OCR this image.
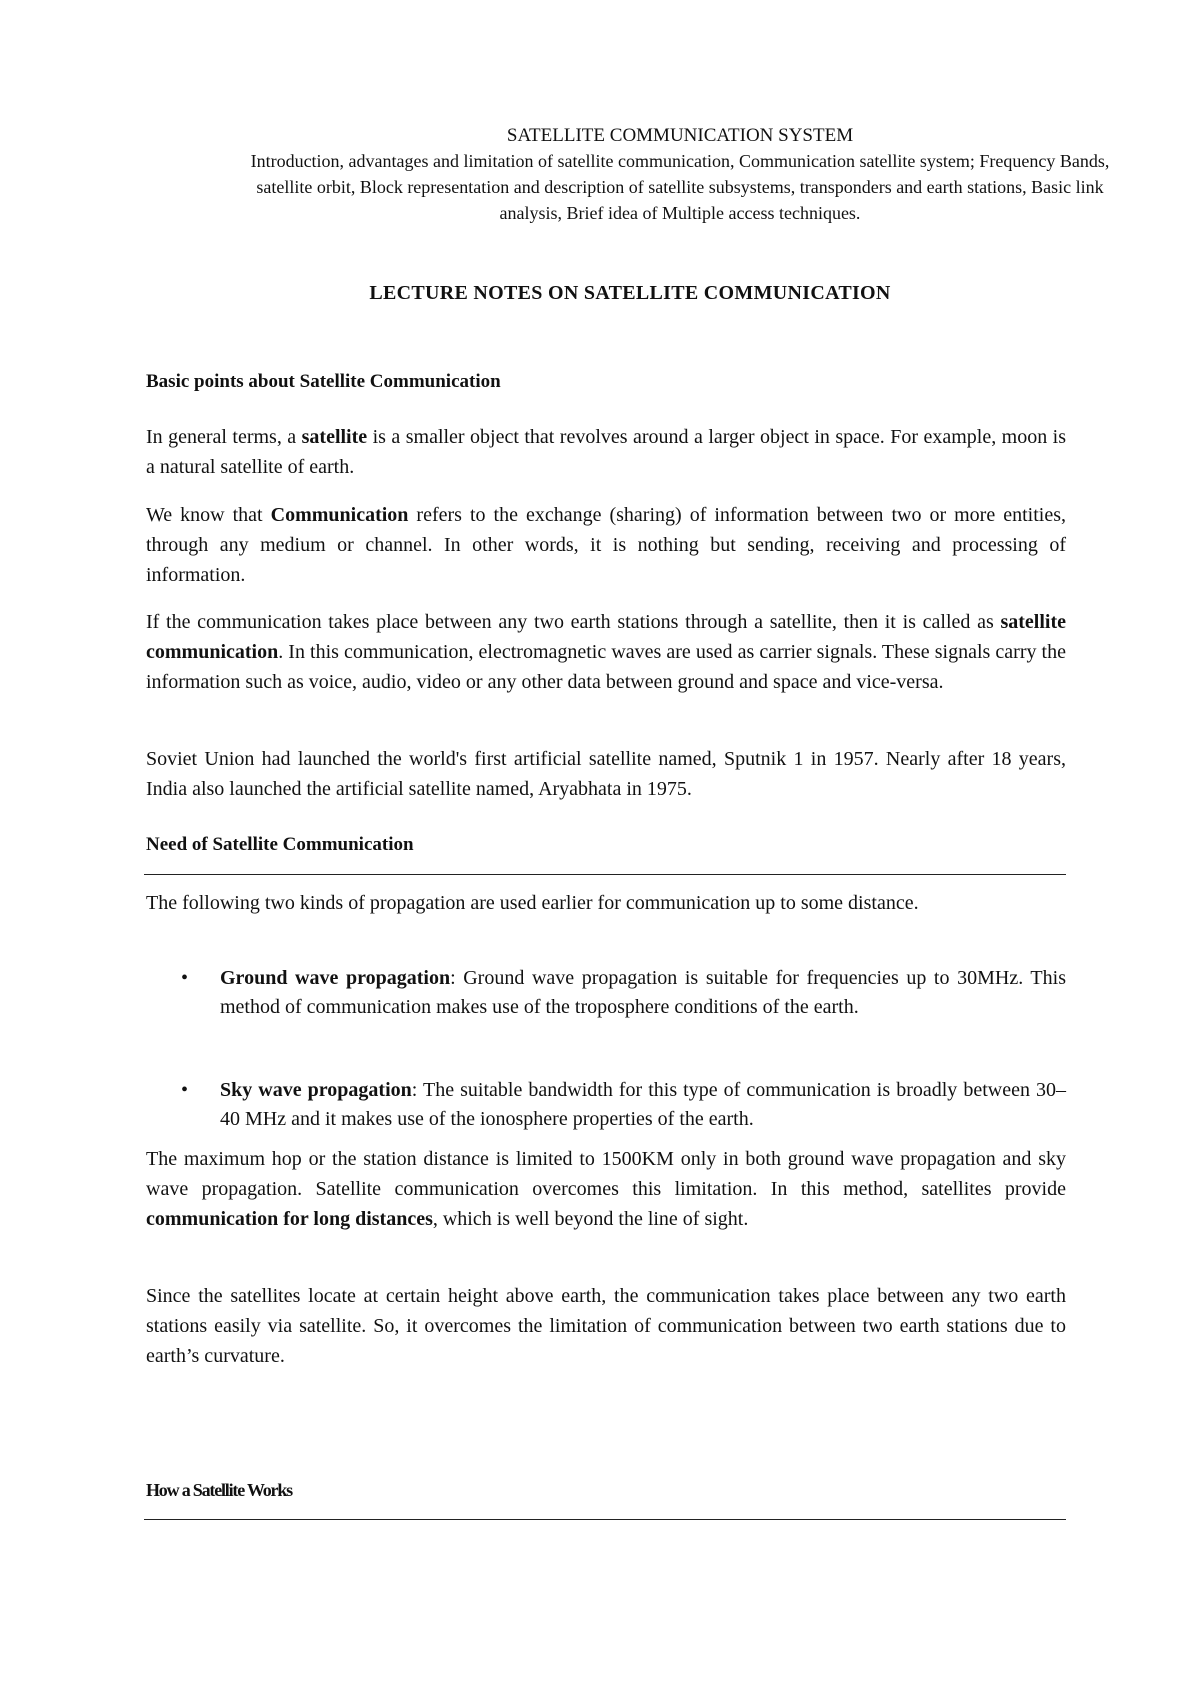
SATELLITE COMMUNICATION SYSTEM
Introduction, advantages and limitation of satellite communication, Communication satellite system; Frequency Bands, satellite orbit, Block representation and description of satellite subsystems, transponders and earth stations, Basic link analysis, Brief idea of Multiple access techniques.
LECTURE NOTES ON SATELLITE COMMUNICATION
Basic points about Satellite Communication

In general terms, a satellite is a smaller object that revolves around a larger object in space. For example, moon is a natural satellite of earth.

We know that Communication refers to the exchange (sharing) of information between two or more entities, through any medium or channel. In other words, it is nothing but sending, receiving and processing of information.

If the communication takes place between any two earth stations through a satellite, then it is called as satellite communication. In this communication, electromagnetic waves are used as carrier signals. These signals carry the information such as voice, audio, video or any other data between ground and space and vice-versa.

Soviet Union had launched the world's first artificial satellite named, Sputnik 1 in 1957. Nearly after 18 years, India also launched the artificial satellite named, Aryabhata in 1975.

Need of Satellite Communication

The following two kinds of propagation are used earlier for communication up to some distance.

• Ground wave propagation: Ground wave propagation is suitable for frequencies up to 30MHz. This method of communication makes use of the troposphere conditions of the earth.
• Sky wave propagation: The suitable bandwidth for this type of communication is broadly between 30–40 MHz and it makes use of the ionosphere properties of the earth.

The maximum hop or the station distance is limited to 1500KM only in both ground wave propagation and sky wave propagation. Satellite communication overcomes this limitation. In this method, satellites provide communication for long distances, which is well beyond the line of sight.

Since the satellites locate at certain height above earth, the communication takes place between any two earth stations easily via satellite. So, it overcomes the limitation of communication between two earth stations due to earth’s curvature.

How a Satellite Works
